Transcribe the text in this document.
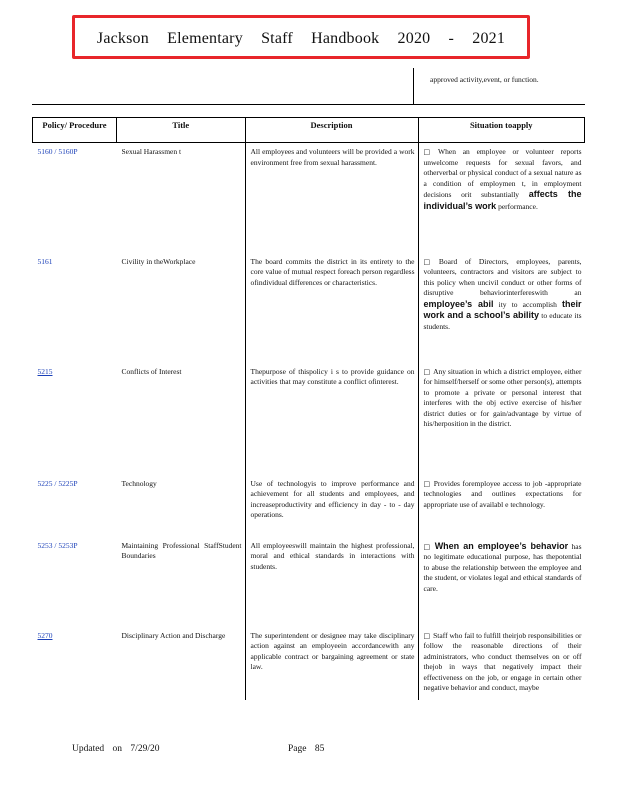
Jackson Elementary Staff Handbook 2020 - 2021
approved activity,event, or function.
Policy/ Procedure	Title	Description	Situation toapply
5160 / 5160P	Sexual Harassmen t	All employees and volunteers will be provided a work environment free from sexual harassment.	□ When an employee or volunteer reports unwelcome requests for sexual favors, and otherverbal or physical conduct of a sexual nature as a condition of employmen t, in employment decisions orit substantially affects the individual’s work performance.
5161	Civility in theWorkplace	The board commits the district in its entirety to the core value of mutual respect foreach person regardless ofindividual differences or characteristics.	□ Board of Directors, employees, parents, volunteers, contractors and visitors are subject to this policy when uncivil conduct or other forms of disruptive behaviorinterfereswith an employee’s abil ity to accomplish their work and a school’s ability to educate its students.
5215	Conflicts of Interest	Thepurpose of thispolicy i s to provide guidance on activities that may constitute a conflict ofinterest.	□ Any situation in which a district employee, either for himself/herself or some other person(s), attempts to promote a private or personal interest that interferes with the obj ective exercise of his/her district duties or for gain/advantage by virtue of his/herposition in the district.
5225 / 5225P	Technology	Use of technologyis to improve performance and achievement for all students and employees, and increaseproductivity and efficiency in day - to - day operations.	□ Provides foremployee access to job -appropriate technologies and outlines expectations for appropriate use of availabl e technology.
5253 / 5253P	Maintaining Professional StaffStudent Boundaries	All employeeswill maintain the highest professional, moral and ethical standards in interactions with students.	□ When an employee’s behavior has no legitimate educational purpose, has thepotential to abuse the relationship between the employee and the student, or violates legal and ethical standards of care.
5270	Disciplinary Action and Discharge	The superintendent or designee may take disciplinary action against an employeein accordancewith any applicable contract or bargaining agreement or state law.	□ Staff who fail to fulfill theirjob responsibilities or follow the reasonable directions of their administrators, who conduct themselves on or off thejob in ways that negatively impact their effectiveness on the job, or engage in certain other negative behavior and conduct, maybe
Updated on 7/29/20	Page 85
